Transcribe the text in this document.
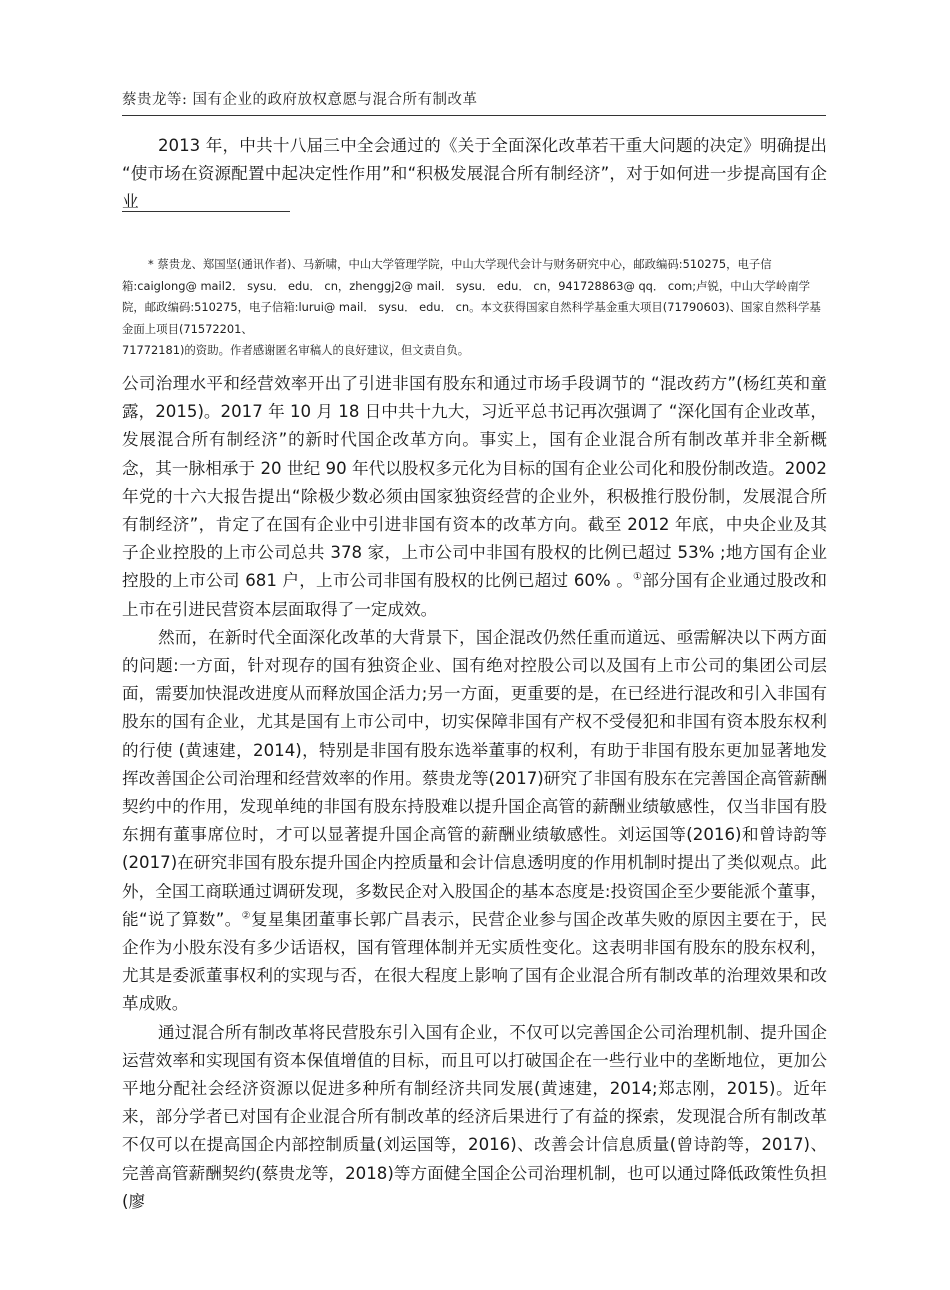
蔡贵龙等: 国有企业的政府放权意愿与混合所有制改革

2013 年，中共十八届三中全会通过的《关于全面深化改革若干重大问题的决定》明确提出 “使市场在资源配置中起决定性作用”和“积极发展混合所有制经济”，对于如何进一步提高国有企业

* 蔡贵龙、郑国坚(通讯作者)、马新啸，中山大学管理学院，中山大学现代会计与财务研究中心，邮政编码:510275，电子信箱:caiglong@ mail2． sysu． edu． cn，zhenggj2@ mail． sysu． edu． cn，941728863@ qq． com;卢锐，中山大学岭南学院，邮政编码:510275，电子信箱:lurui@ mail． sysu． edu． cn。本文获得国家自然科学基金重大项目(71790603)、国家自然科学基金面上项目(71572201、
71772181)的资助。作者感谢匿名审稿人的良好建议，但文责自负。

公司治理水平和经营效率开出了引进非国有股东和通过市场手段调节的 “混改药方”(杨红英和童露，2015)。2017 年 10 月 18 日中共十九大，习近平总书记再次强调了 “深化国有企业改革，发展混合所有制经济”的新时代国企改革方向。事实上，国有企业混合所有制改革并非全新概念，其一脉相承于 20 世纪 90 年代以股权多元化为目标的国有企业公司化和股份制改造。2002 年党的十六大报告提出“除极少数必须由国家独资经营的企业外，积极推行股份制，发展混合所有制经济”，肯定了在国有企业中引进非国有资本的改革方向。截至 2012 年底，中央企业及其子企业控股的上市公司总共 378 家，上市公司中非国有股权的比例已超过 53% ;地方国有企业控股的上市公司 681 户，上市公司非国有股权的比例已超过 60% 。①部分国有企业通过股改和上市在引进民营资本层面取得了一定成效。

然而，在新时代全面深化改革的大背景下，国企混改仍然任重而道远、亟需解决以下两方面的问题:一方面，针对现存的国有独资企业、国有绝对控股公司以及国有上市公司的集团公司层面，需要加快混改进度从而释放国企活力;另一方面，更重要的是，在已经进行混改和引入非国有股东的国有企业，尤其是国有上市公司中，切实保障非国有产权不受侵犯和非国有资本股东权利的行使 (黄速建，2014)，特别是非国有股东选举董事的权利，有助于非国有股东更加显著地发挥改善国企公司治理和经营效率的作用。蔡贵龙等(2017)研究了非国有股东在完善国企高管薪酬契约中的作用，发现单纯的非国有股东持股难以提升国企高管的薪酬业绩敏感性，仅当非国有股东拥有董事席位时，才可以显著提升国企高管的薪酬业绩敏感性。刘运国等(2016)和曾诗韵等(2017)在研究非国有股东提升国企内控质量和会计信息透明度的作用机制时提出了类似观点。此外，全国工商联通过调研发现，多数民企对入股国企的基本态度是:投资国企至少要能派个董事，能“说了算数”。②复星集团董事长郭广昌表示，民营企业参与国企改革失败的原因主要在于，民企作为小股东没有多少话语权，国有管理体制并无实质性变化。这表明非国有股东的股东权利，尤其是委派董事权利的实现与否，在很大程度上影响了国有企业混合所有制改革的治理效果和改革成败。

通过混合所有制改革将民营股东引入国有企业，不仅可以完善国企公司治理机制、提升国企运营效率和实现国有资本保值增值的目标，而且可以打破国企在一些行业中的垄断地位，更加公平地分配社会经济资源以促进多种所有制经济共同发展(黄速建，2014;郑志刚，2015)。近年来，部分学者已对国有企业混合所有制改革的经济后果进行了有益的探索，发现混合所有制改革不仅可以在提高国企内部控制质量(刘运国等，2016)、改善会计信息质量(曾诗韵等，2017)、完善高管薪酬契约(蔡贵龙等，2018)等方面健全国企公司治理机制，也可以通过降低政策性负担(廖
